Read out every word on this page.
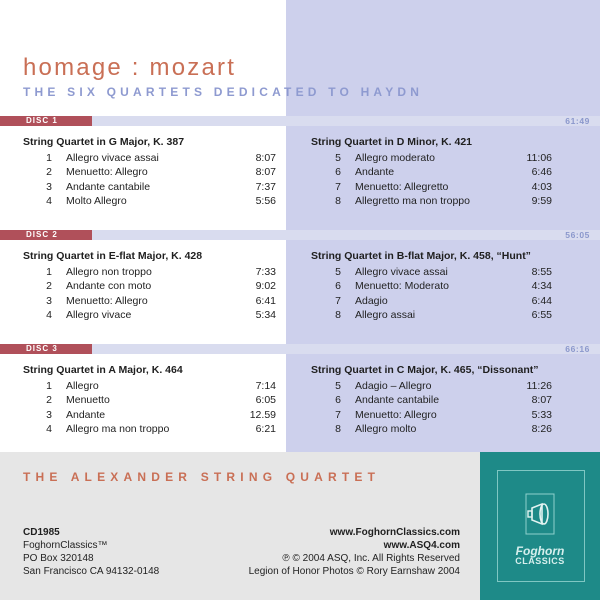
homage : mozart
THE SIX QUARTETS DEDICATED TO HAYDN
DISC 1	61:49
String Quartet in G Major, K. 387
1 Allegro vivace assai	8:07
2 Menuetto: Allegro	8:07
3 Andante cantabile	7:37
4 Molto Allegro	5:56
String Quartet in D Minor, K. 421
5 Allegro moderato	11:06
6 Andante	6:46
7 Menuetto: Allegretto	4:03
8 Allegretto ma non troppo	9:59
DISC 2	56:05
String Quartet in E-flat Major, K. 428
1 Allegro non troppo	7:33
2 Andante con moto	9:02
3 Menuetto: Allegro	6:41
4 Allegro vivace	5:34
String Quartet in B-flat Major, K. 458, “Hunt”
5 Allegro vivace assai	8:55
6 Menuetto: Moderato	4:34
7 Adagio	6:44
8 Allegro assai	6:55
DISC 3	66:16
String Quartet in A Major, K. 464
1 Allegro	7:14
2 Menuetto	6:05
3 Andante	12.59
4 Allegro ma non troppo	6:21
String Quartet in C Major, K. 465, “Dissonant”
5 Adagio – Allegro	11:26
6 Andante cantabile	8:07
7 Menuetto: Allegro	5:33
8 Allegro molto	8:26
THE ALEXANDER STRING QUARTET
CD1985
FoghornClassics™
PO Box 320148
San Francisco CA 94132-0148
www.FoghornClassics.com
www.ASQ4.com
℗ © 2004 ASQ, Inc. All Rights Reserved
Legion of Honor Photos © Rory Earnshaw 2004
Foghorn
CLASSICS
